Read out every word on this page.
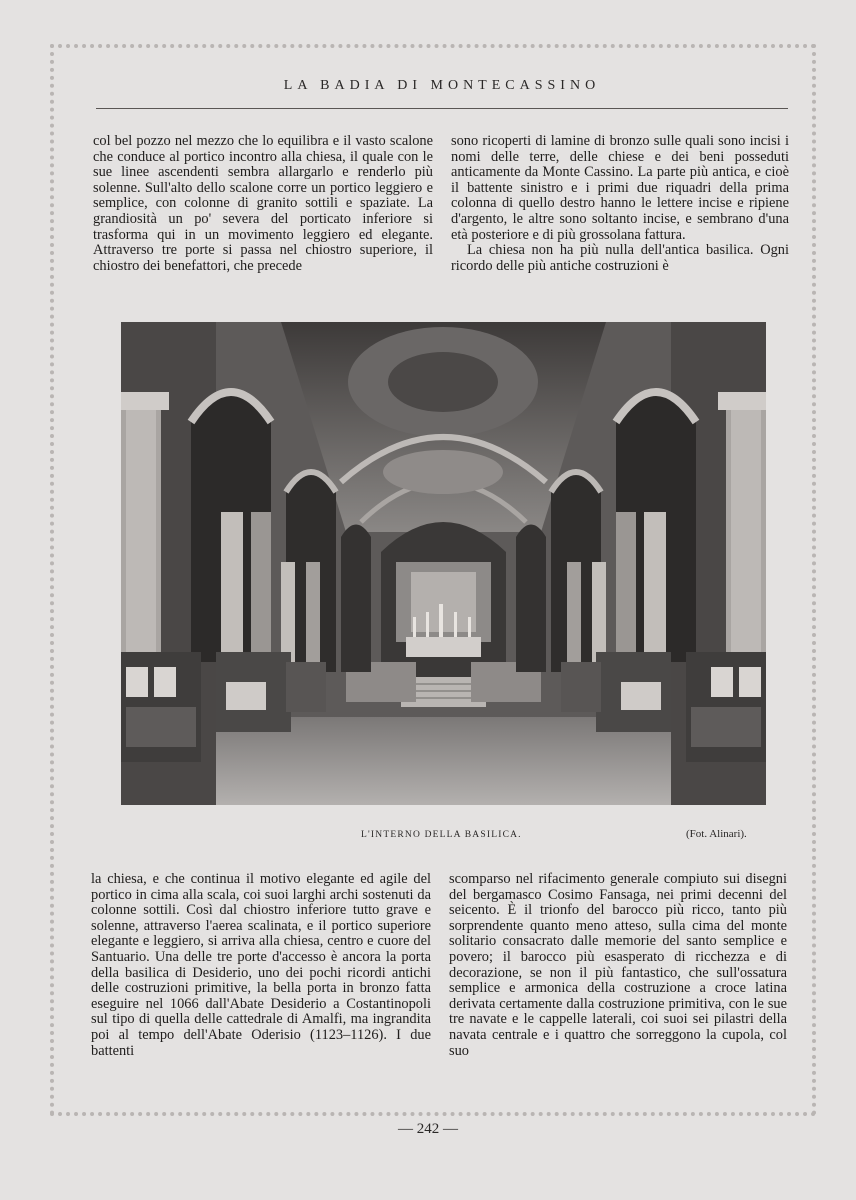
LA BADIA DI MONTECASSINO

col bel pozzo nel mezzo che lo equilibra e il vasto scalone che conduce al portico incontro alla chiesa, il quale con le sue linee ascendenti sembra allargarlo e renderlo più solenne. Sull'alto dello scalone corre un portico leggiero e semplice, con colonne di granito sottili e spaziate. La grandiosità un po' severa del porticato inferiore si trasforma qui in un movimento leggiero ed elegante. Attraverso tre porte si passa nel chiostro superiore, il chiostro dei benefattori, che precede

sono ricoperti di lamine di bronzo sulle quali sono incisi i nomi delle terre, delle chiese e dei beni posseduti anticamente da Monte Cassino. La parte più antica, e cioè il battente sinistro e i primi due riquadri della prima colonna di quello destro hanno le lettere incise e ripiene d'argento, le altre sono soltanto incise, e sembrano d'una età posteriore e di più grossolana fattura.

La chiesa non ha più nulla dell'antica basilica. Ogni ricordo delle più antiche costruzioni è

L'INTERNO DELLA BASILICA.	(Fot. Alinari).

la chiesa, e che continua il motivo elegante ed agile del portico in cima alla scala, coi suoi larghi archi sostenuti da colonne sottili. Così dal chiostro inferiore tutto grave e solenne, attraverso l'aerea scalinata, e il portico superiore elegante e leggiero, si arriva alla chiesa, centro e cuore del Santuario. Una delle tre porte d'accesso è ancora la porta della basilica di Desiderio, uno dei pochi ricordi antichi delle costruzioni primitive, la bella porta in bronzo fatta eseguire nel 1066 dall'Abate Desiderio a Costantinopoli sul tipo di quella delle cattedrale di Amalfi, ma ingrandita poi al tempo dell'Abate Oderisio (1123–1126). I due battenti

scomparso nel rifacimento generale compiuto sui disegni del bergamasco Cosimo Fansaga, nei primi decenni del seicento. È il trionfo del barocco più ricco, tanto più sorprendente quanto meno atteso, sulla cima del monte solitario consacrato dalle memorie del santo semplice e povero; il barocco più esasperato di ricchezza e di decorazione, se non il più fantastico, che sull'ossatura semplice e armonica della costruzione a croce latina derivata certamente dalla costruzione primitiva, con le sue tre navate e le cappelle laterali, coi suoi sei pilastri della navata centrale e i quattro che sorreggono la cupola, col suo

— 242 —
